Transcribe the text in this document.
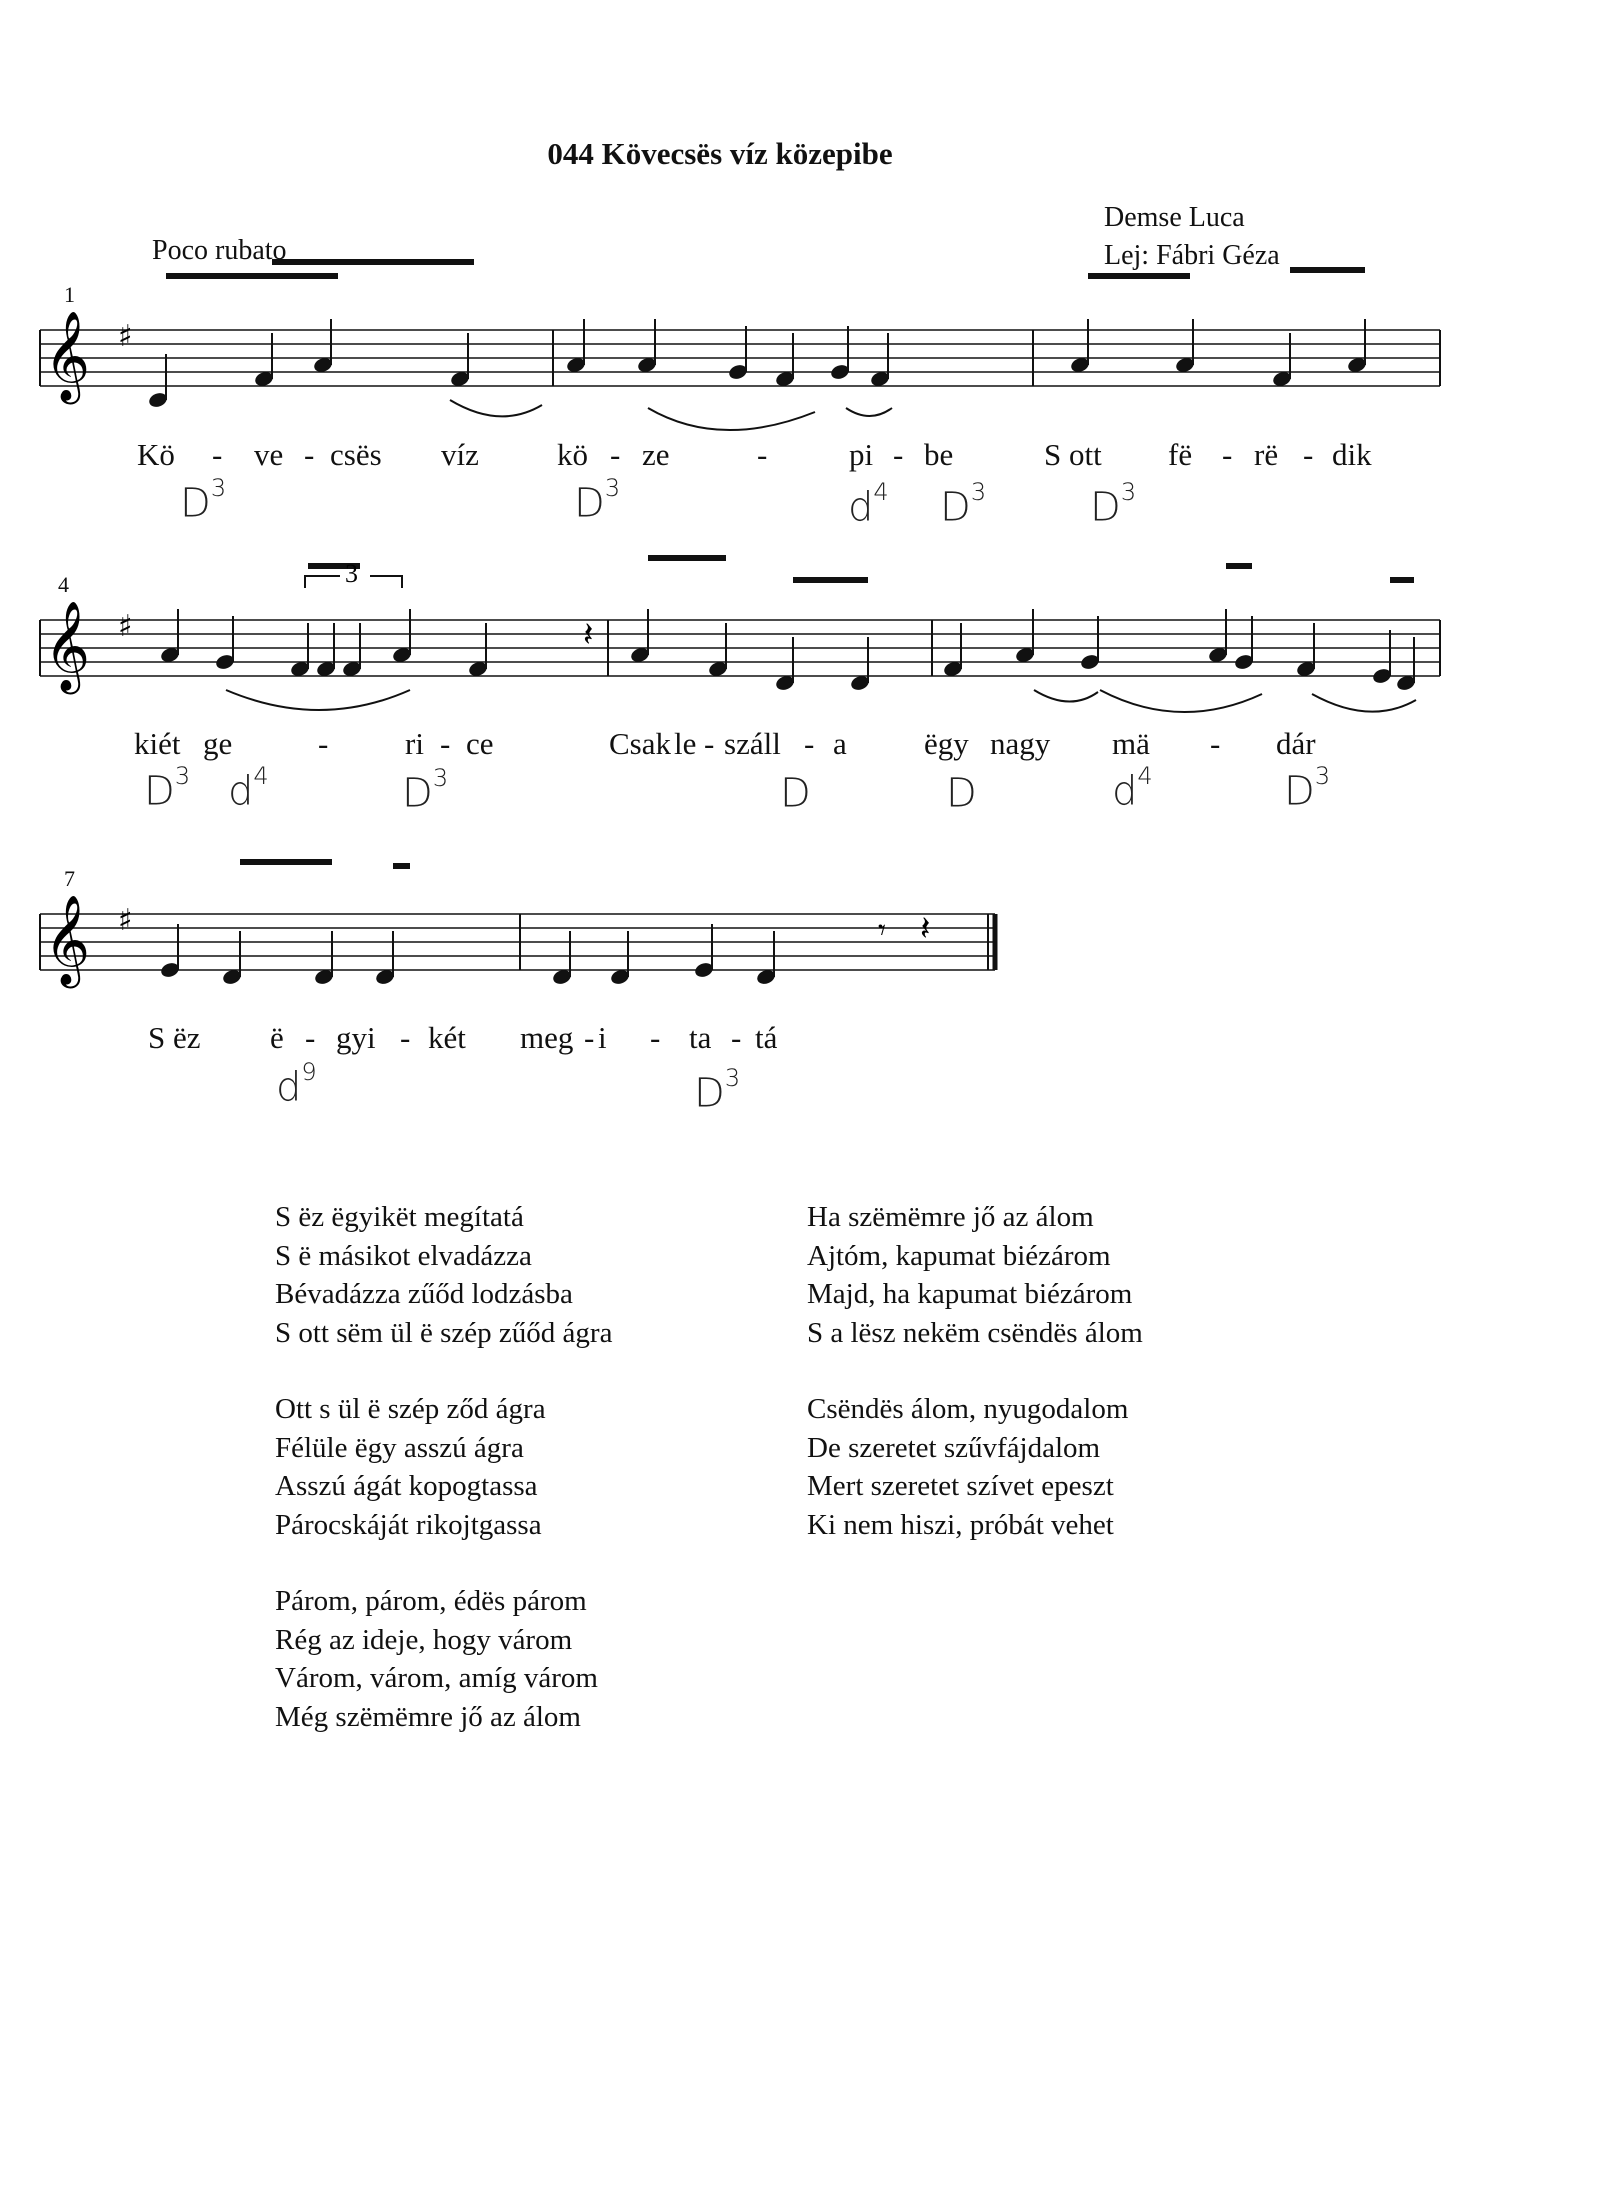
044 Kövecsës víz közepibe
Poco rubato
Demse Luca
Lej: Fábri Géza
1
4
7
𝄞 ♯
𝄞 ♯
𝄞 ♯
𝄽
𝄽
𝄾
3
Kö - ve - csës víz	kö - ze	-	pi - be	S ott fë - rë - dik
kiét ge	- ri - ce	Csak le - száll - a ëgy nagy mä - dár
S ëz ë - gyi - két meg - i - ta - tá
$D^3$	$D^3$	$d^4$ $D^3$	$D^3$
$D^3$ $d^4$	$D^3$	D	D	$d^4$	$D^3$
$d^9$	$D^3$
S ëz ëgyikët megítatá
S ë másikot elvadázza
Bévadázza zűőd lodzásba
S ott sëm ül ë szép zűőd ágra
Ott s ül ë szép ződ ágra
Félüle ëgy asszú ágra
Asszú ágát kopogtassa
Párocskáját rikojtgassa
Párom, párom, édës párom
Rég az ideje, hogy várom
Várom, várom, amíg várom
Még szëmëmre jő az álom
Ha szëmëmre jő az álom
Ajtóm, kapumat biézárom
Majd, ha kapumat biézárom
S a lësz nekëm csëndës álom
Csëndës álom, nyugodalom
De szeretet szűvfájdalom
Mert szeretet szívet epeszt
Ki nem hiszi, próbát vehet
